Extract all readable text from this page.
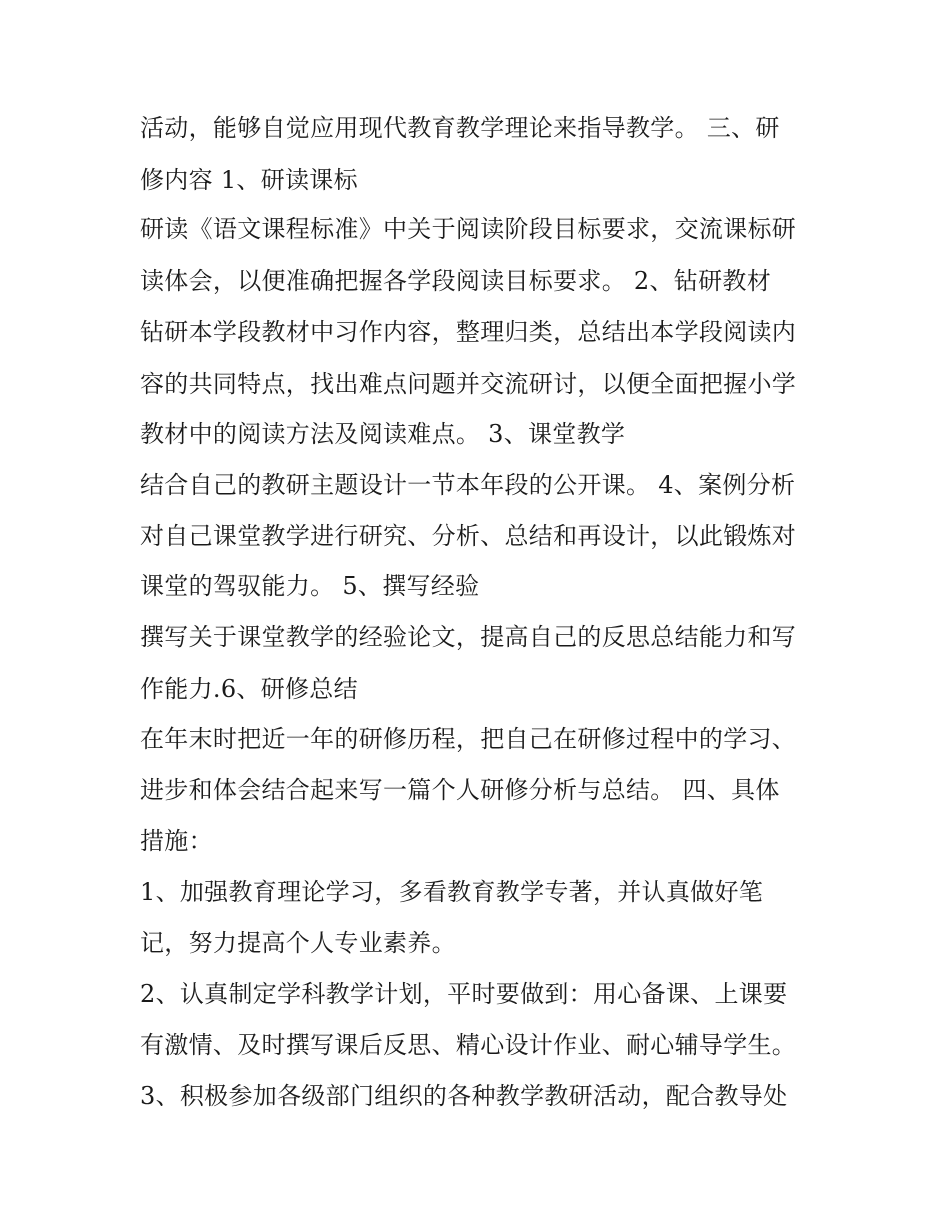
活动，能够自觉应用现代教育教学理论来指导教学。 三、研
修内容 1、研读课标
研读《语文课程标准》中关于阅读阶段目标要求，交流课标研
读体会，以便准确把握各学段阅读目标要求。 2、钻研教材
钻研本学段教材中习作内容，整理归类，总结出本学段阅读内
容的共同特点，找出难点问题并交流研讨，以便全面把握小学
教材中的阅读方法及阅读难点。 3、课堂教学
结合自己的教研主题设计一节本年段的公开课。 4、案例分析
对自己课堂教学进行研究、分析、总结和再设计，以此锻炼对
课堂的驾驭能力。 5、撰写经验
撰写关于课堂教学的经验论文，提高自己的反思总结能力和写
作能力.6、研修总结
在年末时把近一年的研修历程，把自己在研修过程中的学习、
进步和体会结合起来写一篇个人研修分析与总结。 四、具体
措施：
1、加强教育理论学习，多看教育教学专著，并认真做好笔
记，努力提高个人专业素养。
2、认真制定学科教学计划，平时要做到：用心备课、上课要
有激情、及时撰写课后反思、精心设计作业、耐心辅导学生。
3、积极参加各级部门组织的各种教学教研活动，配合教导处
